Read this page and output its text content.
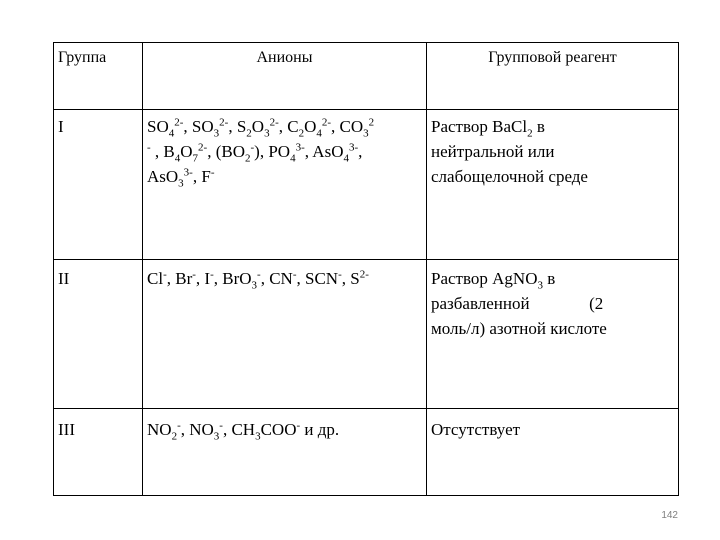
Группа	Анионы	Групповой реагент
I	$SO_4^{2-}$, $SO_3^{2-}$, $S_2O_3^{2-}$, $C_2O_4^{2-}$, $CO_3^2$
- , $B_4O_7^{2-}$, $(BO_2^-)$, $PO_4^{3-}$, AsO$_4^{3-}$,
AsO$_3^{3-}$, F-	Раствор BaCl$_2$ в
нейтральной или
слабощелочной среде
II	Cl-, Br-, I-, BrO$_3$-, CN-, SCN-, $S^{2-}$	Раствор AgNO$_3$ в
разбавленной              (2
моль/л) азотной кислоте
III	$NO_2^-$, $NO_3^-$, $CH_3COO^-$ и др.	Отсутствует
142
